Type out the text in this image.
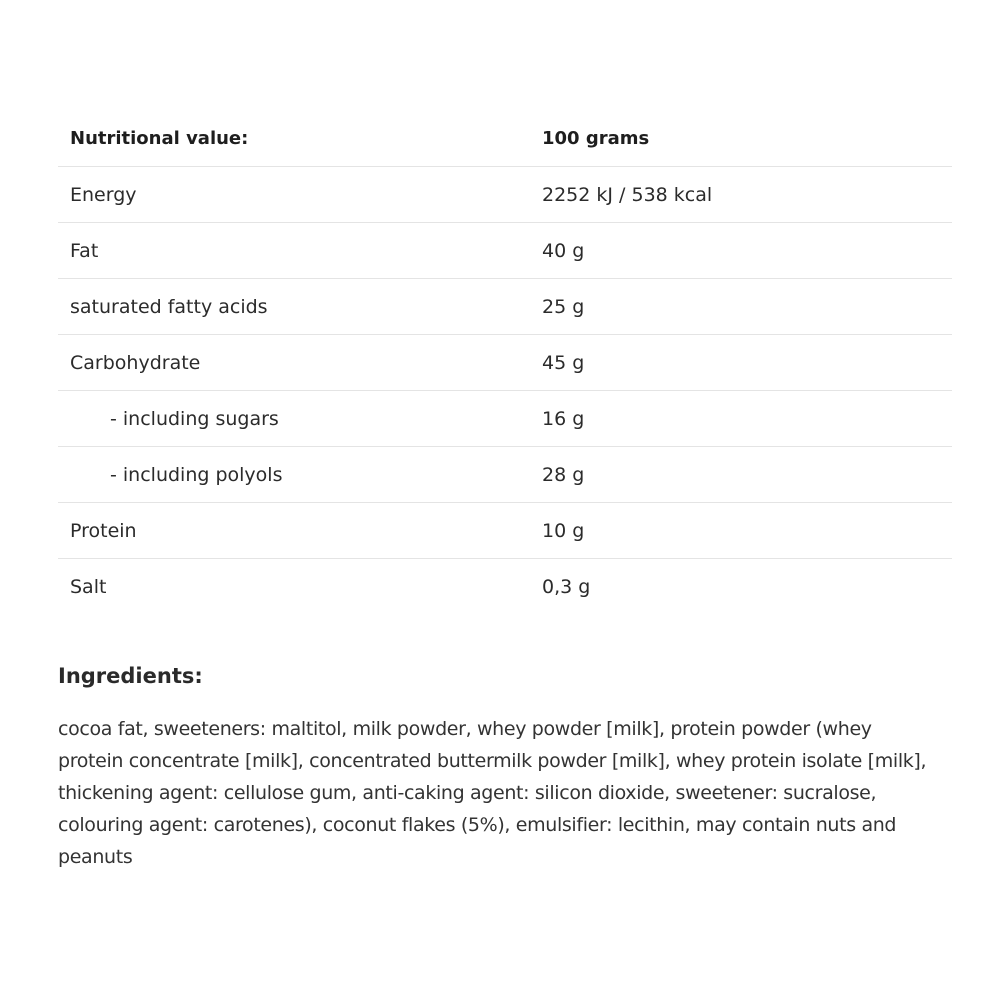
Nutritional value:	100 grams
Energy	2252 kJ / 538 kcal
Fat	40 g
saturated fatty acids	25 g
Carbohydrate	45 g
- including sugars	16 g
- including polyols	28 g
Protein	10 g
Salt	0,3 g
Ingredients:

cocoa fat, sweeteners: maltitol, milk powder, whey powder [milk], protein powder (whey protein concentrate [milk], concentrated buttermilk powder [milk], whey protein isolate [milk], thickening agent: cellulose gum, anti-caking agent: silicon dioxide, sweetener: sucralose, colouring agent: carotenes), coconut flakes (5%), emulsifier: lecithin, may contain nuts and peanuts
